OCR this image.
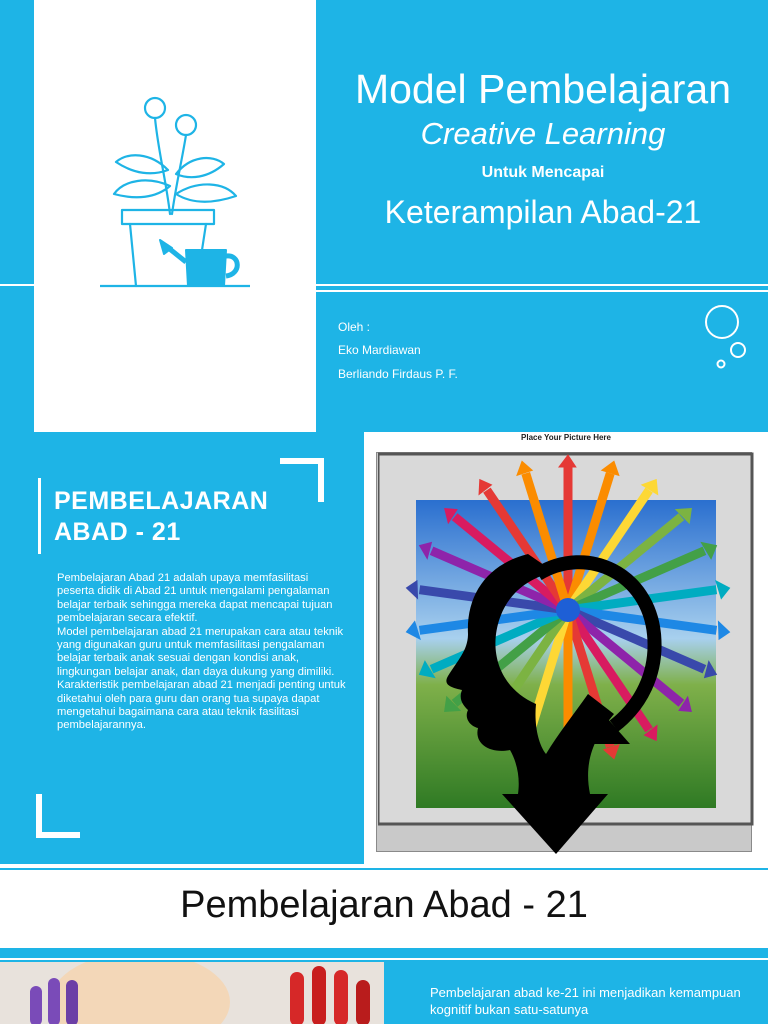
Model Pembelajaran
Creative Learning
Untuk Mencapai
Keterampilan Abad-21
Oleh :
Eko Mardiawan
Berliando Firdaus P. F.
PEMBELAJARAN
ABAD - 21

Pembelajaran Abad 21 adalah upaya memfasilitasi peserta didik di Abad 21 untuk mengalami pengalaman belajar terbaik sehingga mereka dapat mencapai tujuan pembelajaran secara efektif.

Model pembelajaran abad 21 merupakan cara atau teknik yang digunakan guru untuk memfasilitasi pengalaman belajar terbaik anak sesuai dengan kondisi anak, lingkungan belajar anak, dan daya dukung yang dimiliki.

Karakteristik pembelajaran abad 21 menjadi penting untuk diketahui oleh para guru dan orang tua supaya dapat mengetahui bagaimana cara atau teknik fasilitasi pembelajarannya.

Place Your Picture Here
Pembelajaran Abad - 21
Pembelajaran abad ke-21 ini menjadikan kemampuan kognitif bukan satu-satunya
